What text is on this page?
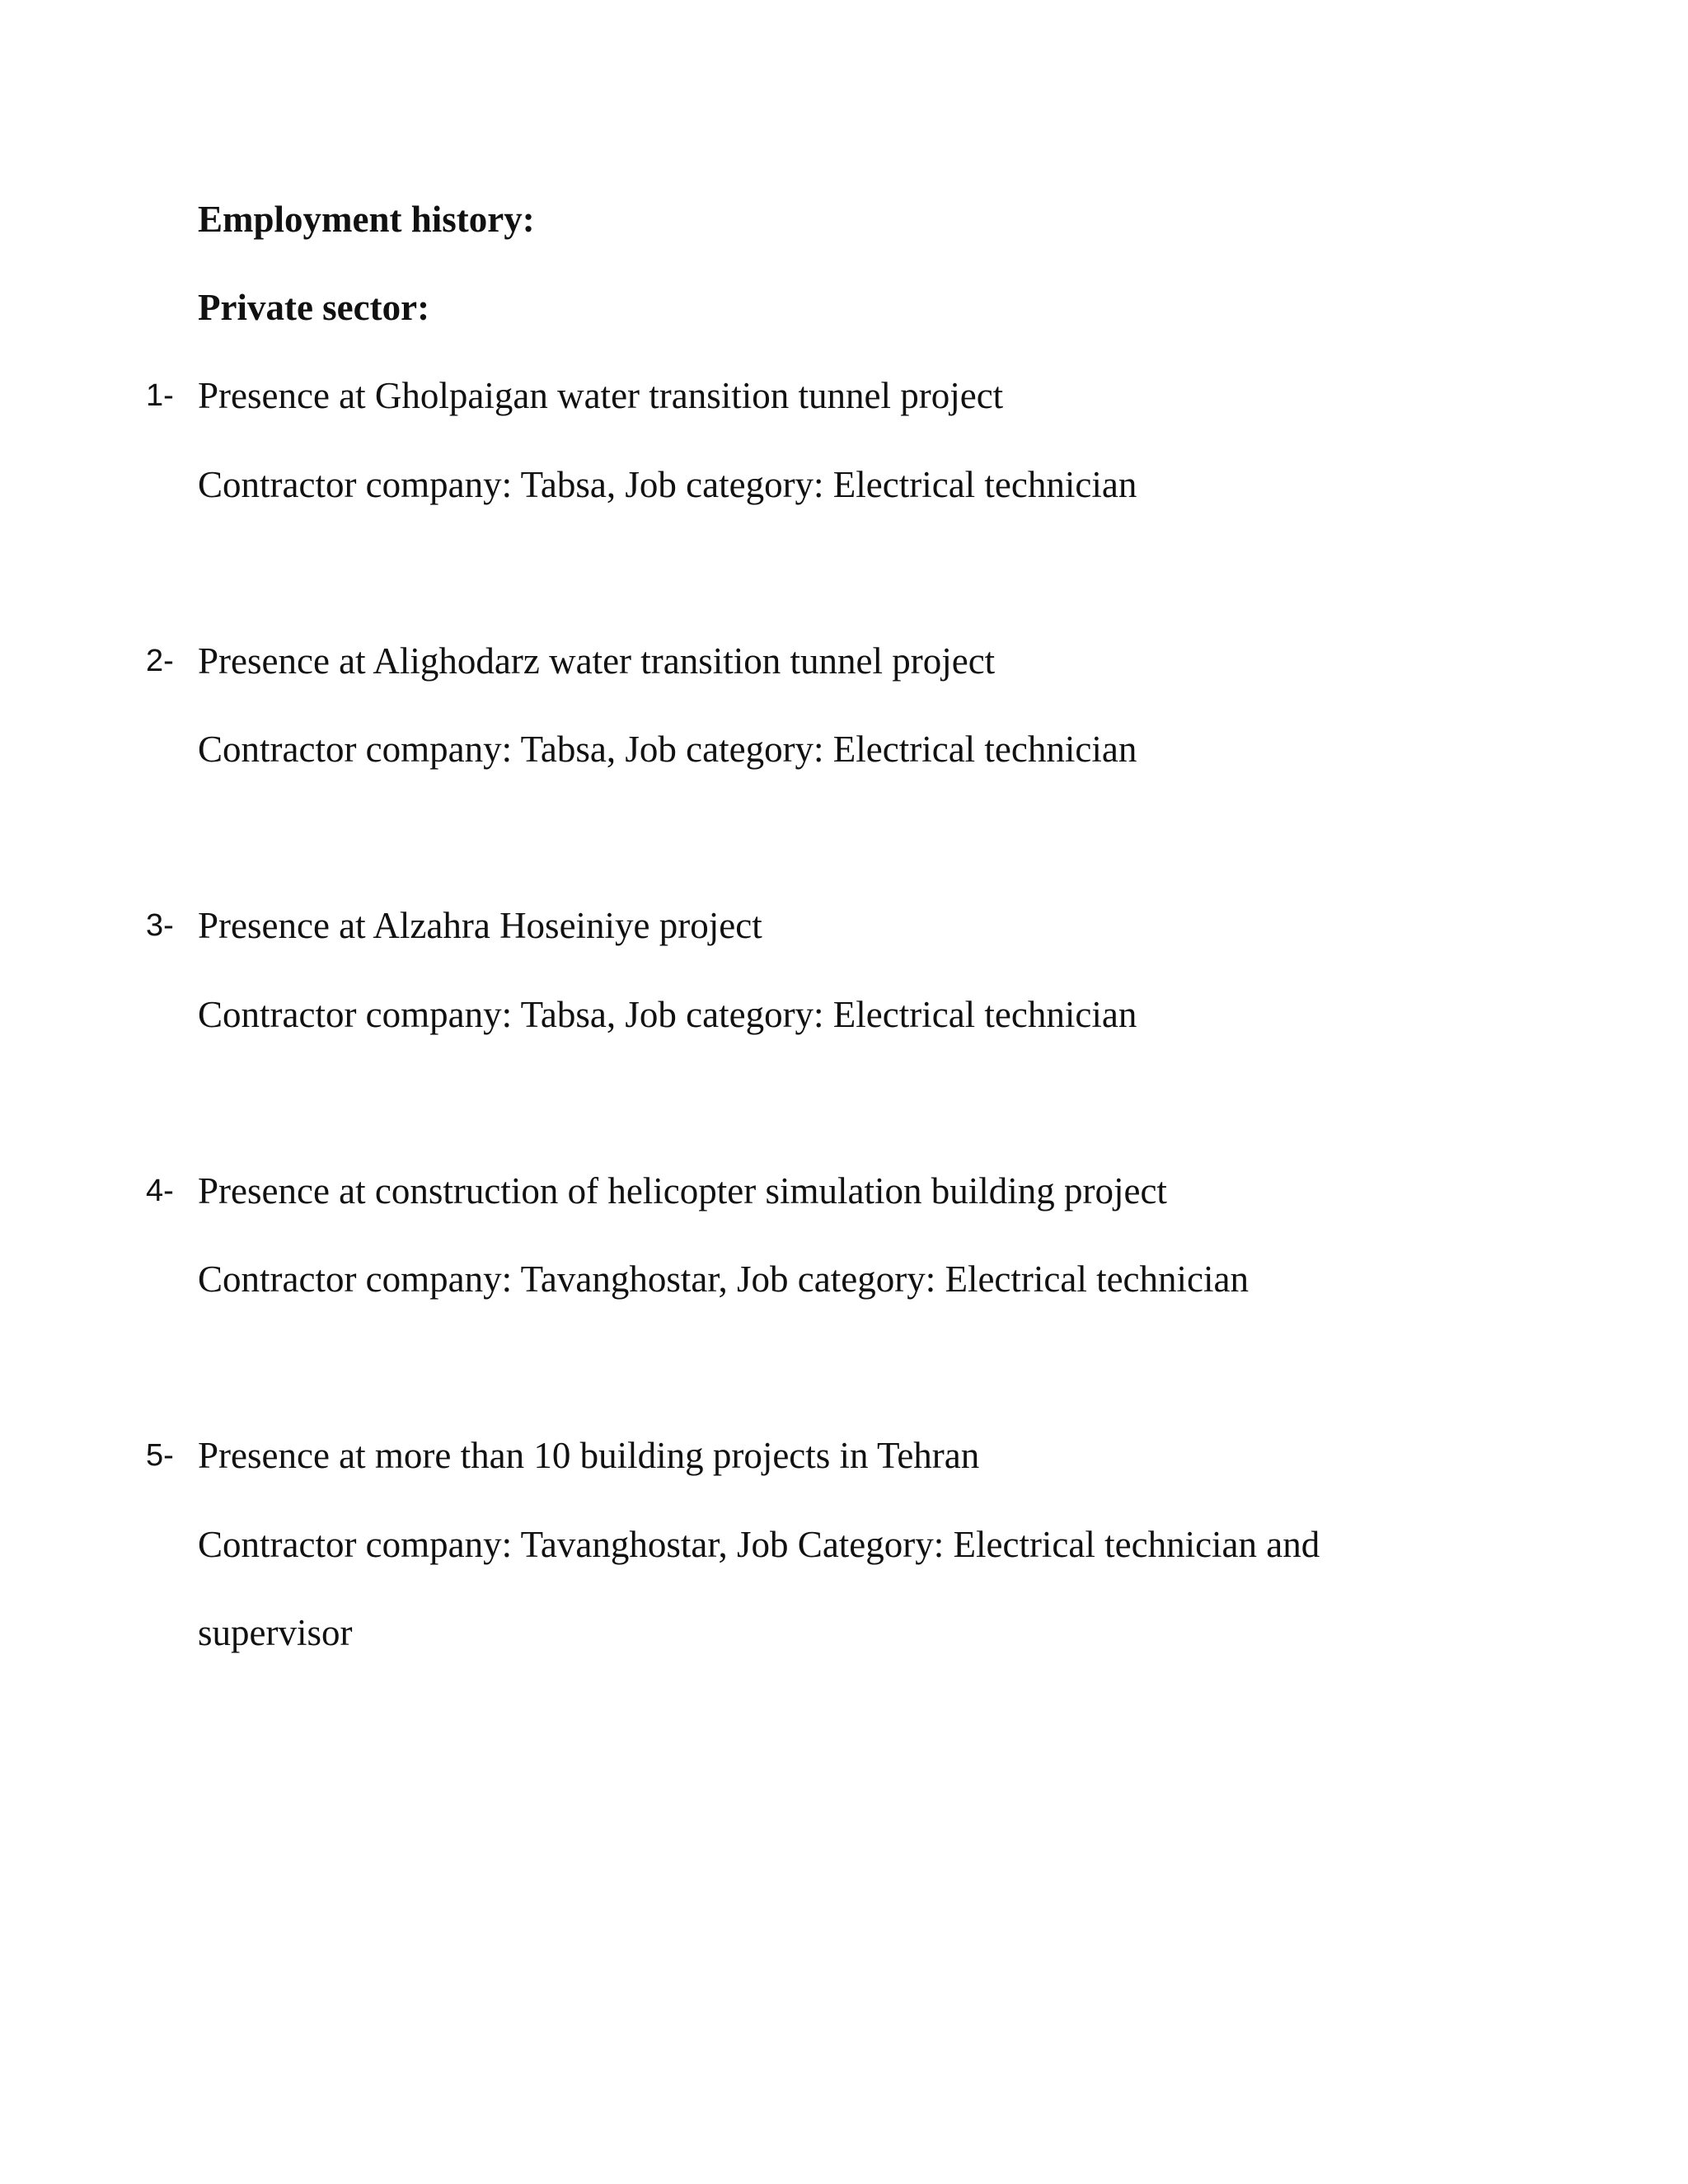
Employment history:
Private sector:
1- Presence at Gholpaigan water transition tunnel project
Contractor company: Tabsa, Job category: Electrical technician
2- Presence at Alighodarz water transition tunnel project
Contractor company: Tabsa, Job category: Electrical technician
3- Presence at Alzahra Hoseiniye project
Contractor company: Tabsa, Job category: Electrical technician
4- Presence at construction of helicopter simulation building project
Contractor company: Tavanghostar, Job category: Electrical technician
5- Presence at more than 10 building projects in Tehran
Contractor company: Tavanghostar, Job Category: Electrical technician and
supervisor
